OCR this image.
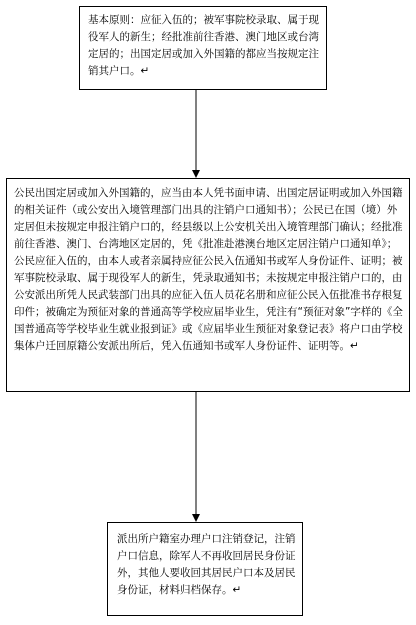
基本原则：应征入伍的；被军事院校录取、属于现役军人的新生；经批准前往香港、澳门地区或台湾定居的；出国定居或加入外国籍的都应当按规定注销其户口。↵
公民出国定居或加入外国籍的，应当由本人凭书面申请、出国定居证明或加入外国籍的相关证件（或公安出入境管理部门出具的注销户口通知书）；公民已在国（境）外定居但未按规定申报注销户口的，经县级以上公安机关出入境管理部门确认；经批准前往香港、澳门、台湾地区定居的，凭《批准赴港澳台地区定居注销户口通知单》；公民应征入伍的，由本人或者亲属持应征公民入伍通知书或军人身份证件、证明；被军事院校录取、属于现役军人的新生，凭录取通知书；未按规定申报注销户口的，由公安派出所凭人民武装部门出具的应征入伍人员花名册和应征公民入伍批准书存根复印件；被确定为预征对象的普通高等学校应届毕业生，凭注有“预征对象”字样的《全国普通高等学校毕业生就业报到证》或《应届毕业生预征对象登记表》将户口由学校集体户迁回原籍公安派出所后，凭入伍通知书或军人身份证件、证明等。↵
派出所户籍室办理户口注销登记，注销户口信息，除军人不再收回居民身份证外，其他人要收回其居民户口本及居民身份证，材料归档保存。↵
